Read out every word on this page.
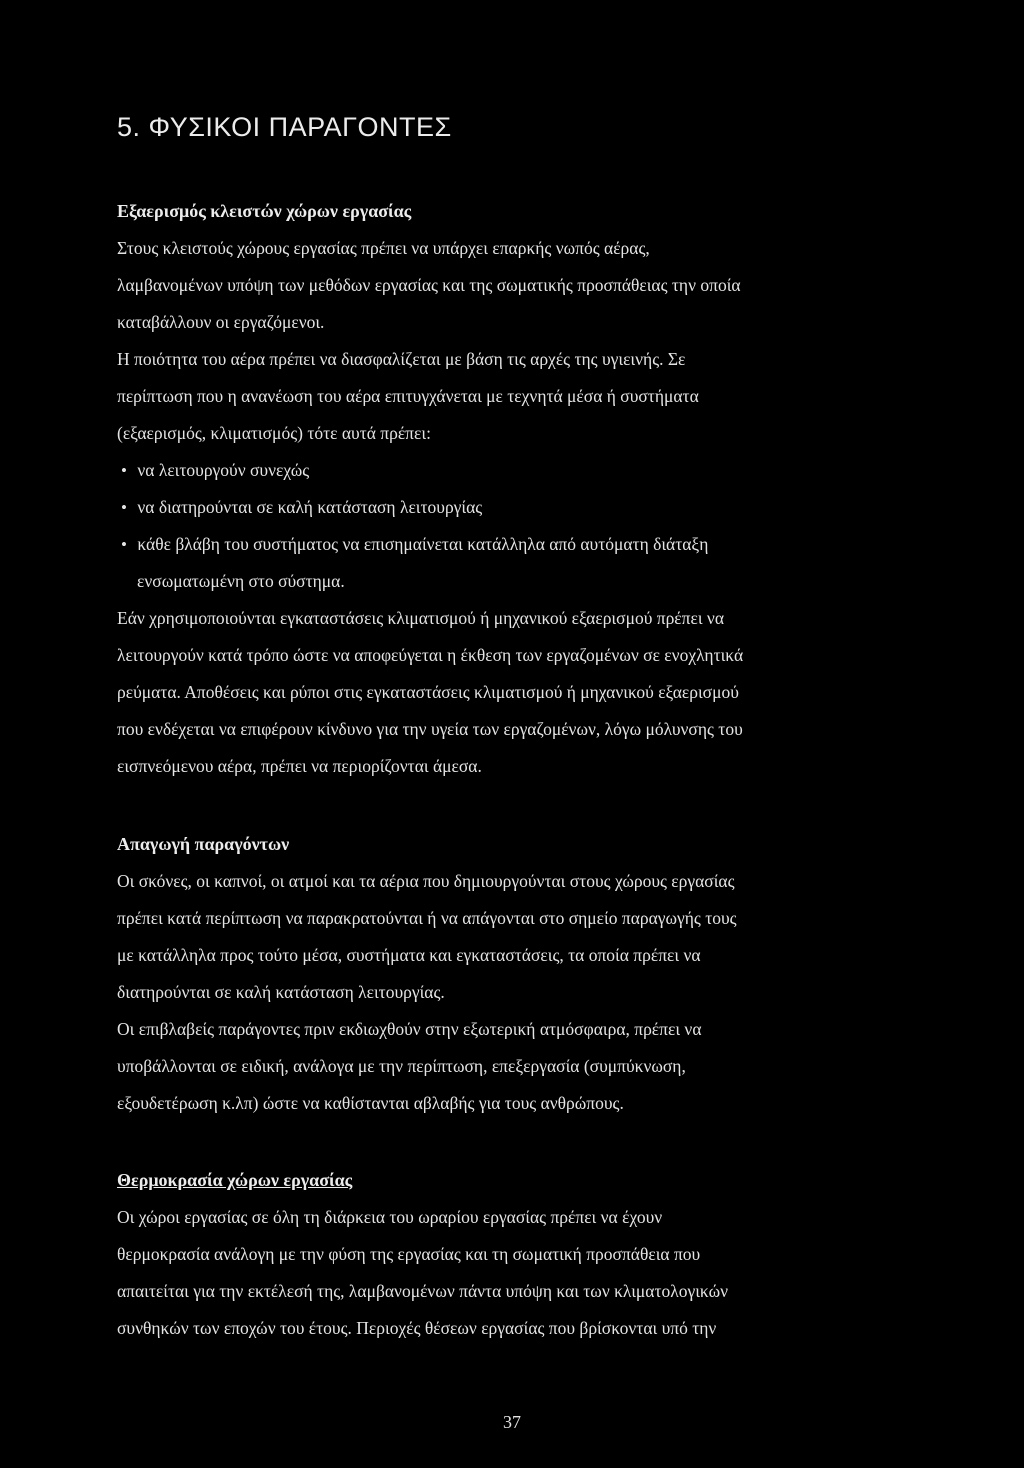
5. ΦΥΣΙΚΟΙ ΠΑΡΑΓΟΝΤΕΣ
Εξαερισμός κλειστών χώρων εργασίας
Στους κλειστούς χώρους εργασίας πρέπει να υπάρχει επαρκής νωπός αέρας,
λαμβανομένων υπόψη των μεθόδων εργασίας και της σωματικής προσπάθειας την οποία
καταβάλλουν οι εργαζόμενοι.
Η ποιότητα του αέρα πρέπει να διασφαλίζεται με βάση τις αρχές της υγιεινής. Σε
περίπτωση που η ανανέωση του αέρα επιτυγχάνεται με τεχνητά μέσα ή συστήματα
(εξαερισμός, κλιματισμός) τότε αυτά πρέπει:
• να λειτουργούν συνεχώς
• να διατηρούνται σε καλή κατάσταση λειτουργίας
• κάθε βλάβη του συστήματος να επισημαίνεται κατάλληλα από αυτόματη διάταξη
ενσωματωμένη στο σύστημα.
Εάν χρησιμοποιούνται εγκαταστάσεις κλιματισμού ή μηχανικού εξαερισμού πρέπει να
λειτουργούν κατά τρόπο ώστε να αποφεύγεται η έκθεση των εργαζομένων σε ενοχλητικά
ρεύματα. Αποθέσεις και ρύποι στις εγκαταστάσεις κλιματισμού ή μηχανικού εξαερισμού
που ενδέχεται να επιφέρουν κίνδυνο για την υγεία των εργαζομένων, λόγω μόλυνσης του
εισπνεόμενου αέρα, πρέπει να περιορίζονται άμεσα.
Απαγωγή παραγόντων
Οι σκόνες, οι καπνοί, οι ατμοί και τα αέρια που δημιουργούνται στους χώρους εργασίας
πρέπει κατά περίπτωση να παρακρατούνται ή να απάγονται στο σημείο παραγωγής τους
με κατάλληλα προς τούτο μέσα, συστήματα και εγκαταστάσεις, τα οποία πρέπει να
διατηρούνται σε καλή κατάσταση λειτουργίας.
Οι επιβλαβείς παράγοντες πριν εκδιωχθούν στην εξωτερική ατμόσφαιρα, πρέπει να
υποβάλλονται σε ειδική, ανάλογα με την περίπτωση, επεξεργασία (συμπύκνωση,
εξουδετέρωση κ.λπ) ώστε να καθίστανται αβλαβής για τους ανθρώπους.
Θερμοκρασία χώρων εργασίας
Οι χώροι εργασίας σε όλη τη διάρκεια του ωραρίου εργασίας πρέπει να έχουν
θερμοκρασία ανάλογη με την φύση της εργασίας και τη σωματική προσπάθεια που
απαιτείται για την εκτέλεσή της, λαμβανομένων πάντα υπόψη και των κλιματολογικών
συνθηκών των εποχών του έτους. Περιοχές θέσεων εργασίας που βρίσκονται υπό την
37
